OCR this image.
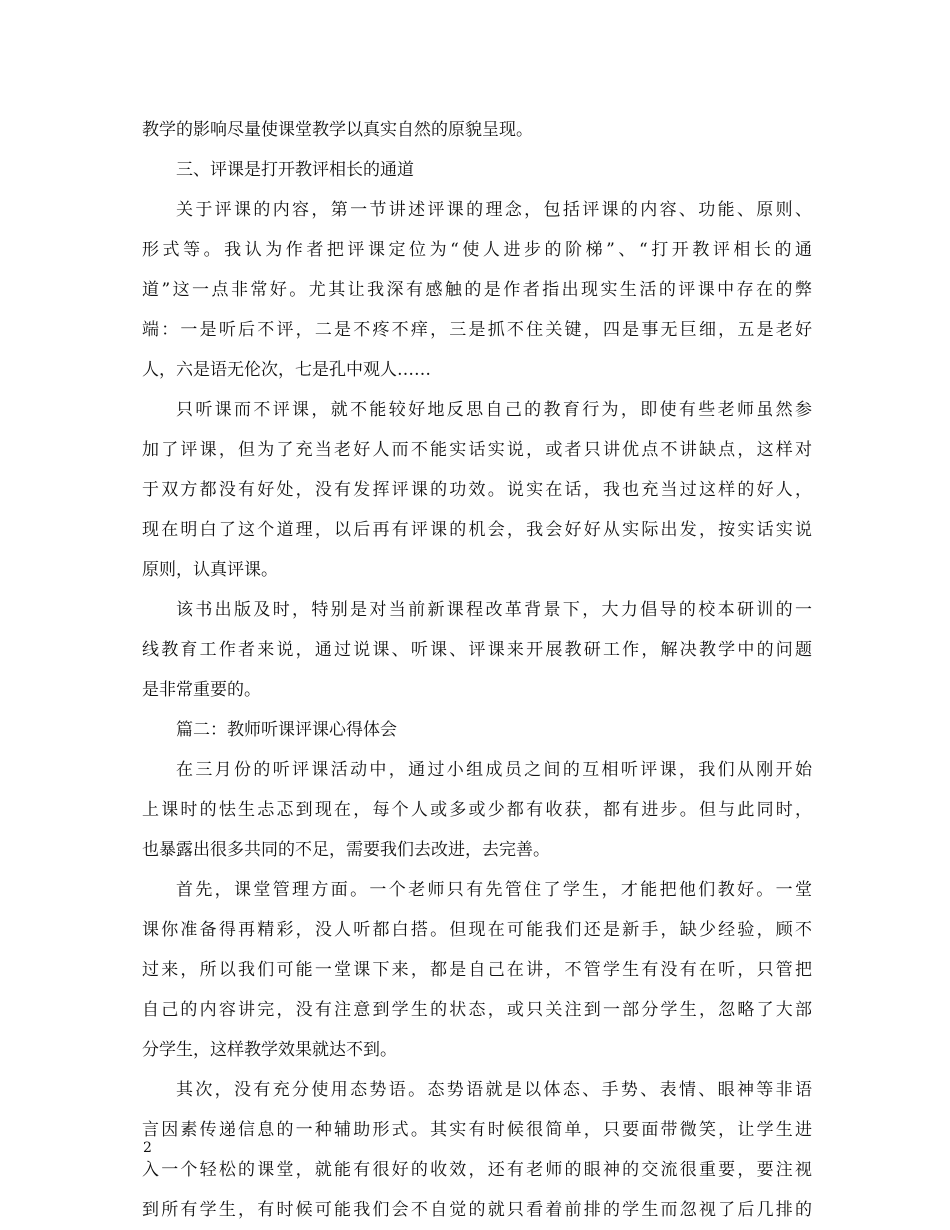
教学的影响尽量使课堂教学以真实自然的原貌呈现。
三、评课是打开教评相长的通道
关于评课的内容，第一节讲述评课的理念，包括评课的内容、功能、原则、
形式等。我认为作者把评课定位为“使人进步的阶梯”、“打开教评相长的通
道”这一点非常好。尤其让我深有感触的是作者指出现实生活的评课中存在的弊
端：一是听后不评，二是不疼不痒，三是抓不住关键，四是事无巨细，五是老好
人，六是语无伦次，七是孔中观人……
只听课而不评课，就不能较好地反思自己的教育行为，即使有些老师虽然参
加了评课，但为了充当老好人而不能实话实说，或者只讲优点不讲缺点，这样对
于双方都没有好处，没有发挥评课的功效。说实在话，我也充当过这样的好人，
现在明白了这个道理，以后再有评课的机会，我会好好从实际出发，按实话实说
原则，认真评课。
该书出版及时，特别是对当前新课程改革背景下，大力倡导的校本研训的一
线教育工作者来说，通过说课、听课、评课来开展教研工作，解决教学中的问题
是非常重要的。
篇二：教师听课评课心得体会
在三月份的听评课活动中，通过小组成员之间的互相听评课，我们从刚开始
上课时的怯生忐忑到现在，每个人或多或少都有收获，都有进步。但与此同时，
也暴露出很多共同的不足，需要我们去改进，去完善。
首先，课堂管理方面。一个老师只有先管住了学生，才能把他们教好。一堂
课你准备得再精彩，没人听都白搭。但现在可能我们还是新手，缺少经验，顾不
过来，所以我们可能一堂课下来，都是自己在讲，不管学生有没有在听，只管把
自己的内容讲完，没有注意到学生的状态，或只关注到一部分学生，忽略了大部
分学生，这样教学效果就达不到。
其次，没有充分使用态势语。态势语就是以体态、手势、表情、眼神等非语
言因素传递信息的一种辅助形式。其实有时候很简单，只要面带微笑，让学生进
入一个轻松的课堂，就能有很好的收效，还有老师的眼神的交流很重要，要注视
到所有学生，有时候可能我们会不自觉的就只看着前排的学生而忽视了后几排的
2
